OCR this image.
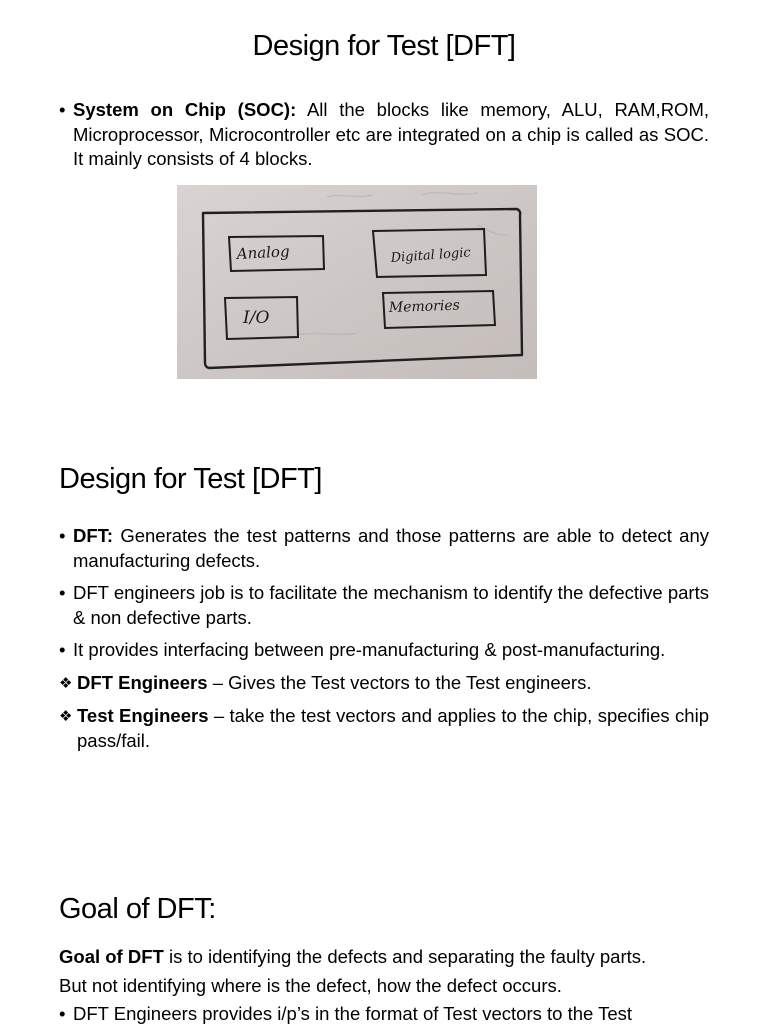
Design for Test [DFT]
• System on Chip (SOC): All the blocks like memory, ALU, RAM,ROM, Microprocessor, Microcontroller etc are integrated on a chip is called as SOC. It mainly consists of 4 blocks.
Analog	Digital logic
I/O
Memories
Design for Test [DFT]
• DFT: Generates the test patterns and those patterns are able to detect any manufacturing defects.
• DFT engineers job is to facilitate the mechanism to identify the defective parts & non defective parts.
• It provides interfacing between pre-manufacturing & post-manufacturing.
❖ DFT Engineers – Gives the Test vectors to the Test engineers.
❖ Test Engineers – take the test vectors and applies to the chip, specifies chip pass/fail.
Goal of DFT:
Goal of DFT is to identifying the defects and separating the faulty parts.
But not identifying where is the defect, how the defect occurs.
• DFT Engineers provides i/p’s in the format of Test vectors to the Test
